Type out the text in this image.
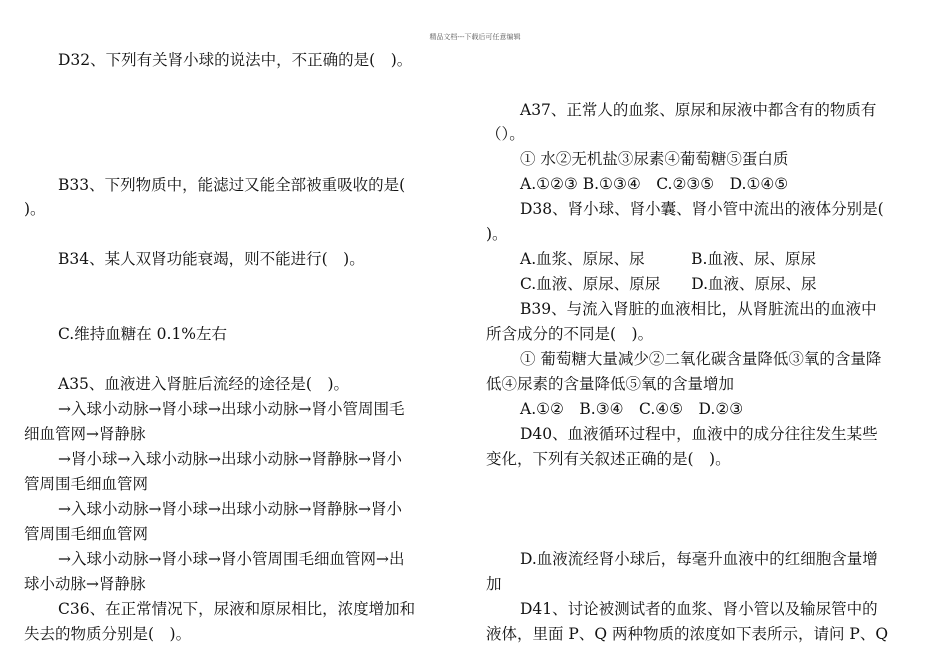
精品文档---下载后可任意编辑
D32、下列有关肾小球的说法中，不正确的是(　)。
B33、下列物质中，能滤过又能全部被重吸收的是(
)。
B34、某人双肾功能衰竭，则不能进行(　)。
C.维持血糖在 0.1%左右
A35、血液进入肾脏后流经的途径是(　)。
→入球小动脉→肾小球→出球小动脉→肾小管周围毛
细血管网→肾静脉
→肾小球→入球小动脉→出球小动脉→肾静脉→肾小
管周围毛细血管网
→入球小动脉→肾小球→出球小动脉→肾静脉→肾小
管周围毛细血管网
→入球小动脉→肾小球→肾小管周围毛细血管网→出
球小动脉→肾静脉
C36、在正常情况下，尿液和原尿相比，浓度增加和
失去的物质分别是(　)。
A37、正常人的血浆、原尿和尿液中都含有的物质有
（）。
① 水②无机盐③尿素④葡萄糖⑤蛋白质
A.①②③ B.①③④　C.②③⑤　D.①④⑤
D38、肾小球、肾小囊、肾小管中流出的液体分别是(
)。
A.血浆、原尿、尿　　　B.血液、尿、原尿
C.血液、原尿、原尿　　D.血液、原尿、尿
B39、与流入肾脏的血液相比，从肾脏流出的血液中
所含成分的不同是(　)。
① 葡萄糖大量减少②二氧化碳含量降低③氧的含量降
低④尿素的含量降低⑤氧的含量增加
A.①②　B.③④　C.④⑤　D.②③
D40、血液循环过程中，血液中的成分往往发生某些
变化，下列有关叙述正确的是(　)。
D.血液流经肾小球后，每毫升血液中的红细胞含量增
加
D41、讨论被测试者的血浆、肾小管以及输尿管中的
液体，里面 P、Q 两种物质的浓度如下表所示，请问 P、Q
